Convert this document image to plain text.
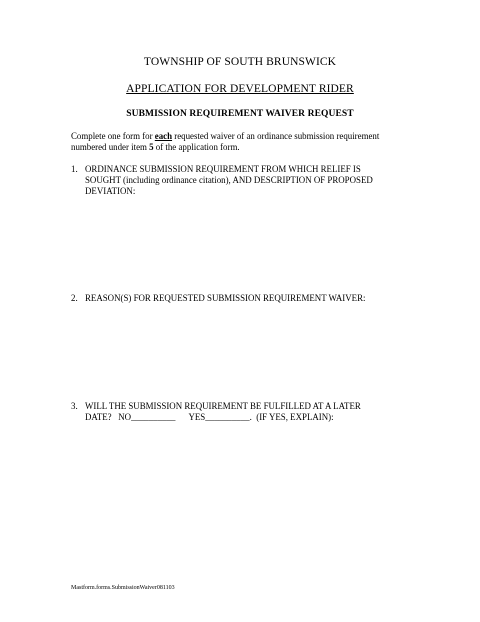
TOWNSHIP OF SOUTH BRUNSWICK
APPLICATION FOR DEVELOPMENT RIDER
SUBMISSION REQUIREMENT WAIVER REQUEST
Complete one form for each requested waiver of an ordinance submission requirement numbered under item 5 of the application form.
1. ORDINANCE SUBMISSION REQUIREMENT FROM WHICH RELIEF IS
SOUGHT (including ordinance citation), AND DESCRIPTION OF PROPOSED
DEVIATION:
2. REASON(S) FOR REQUESTED SUBMISSION REQUIREMENT WAIVER:
3. WILL THE SUBMISSION REQUIREMENT BE FULFILLED AT A LATER
DATE?   NO__________      YES__________.  (IF YES, EXPLAIN):
Mastform.forms.SubmissionWaiver081103
